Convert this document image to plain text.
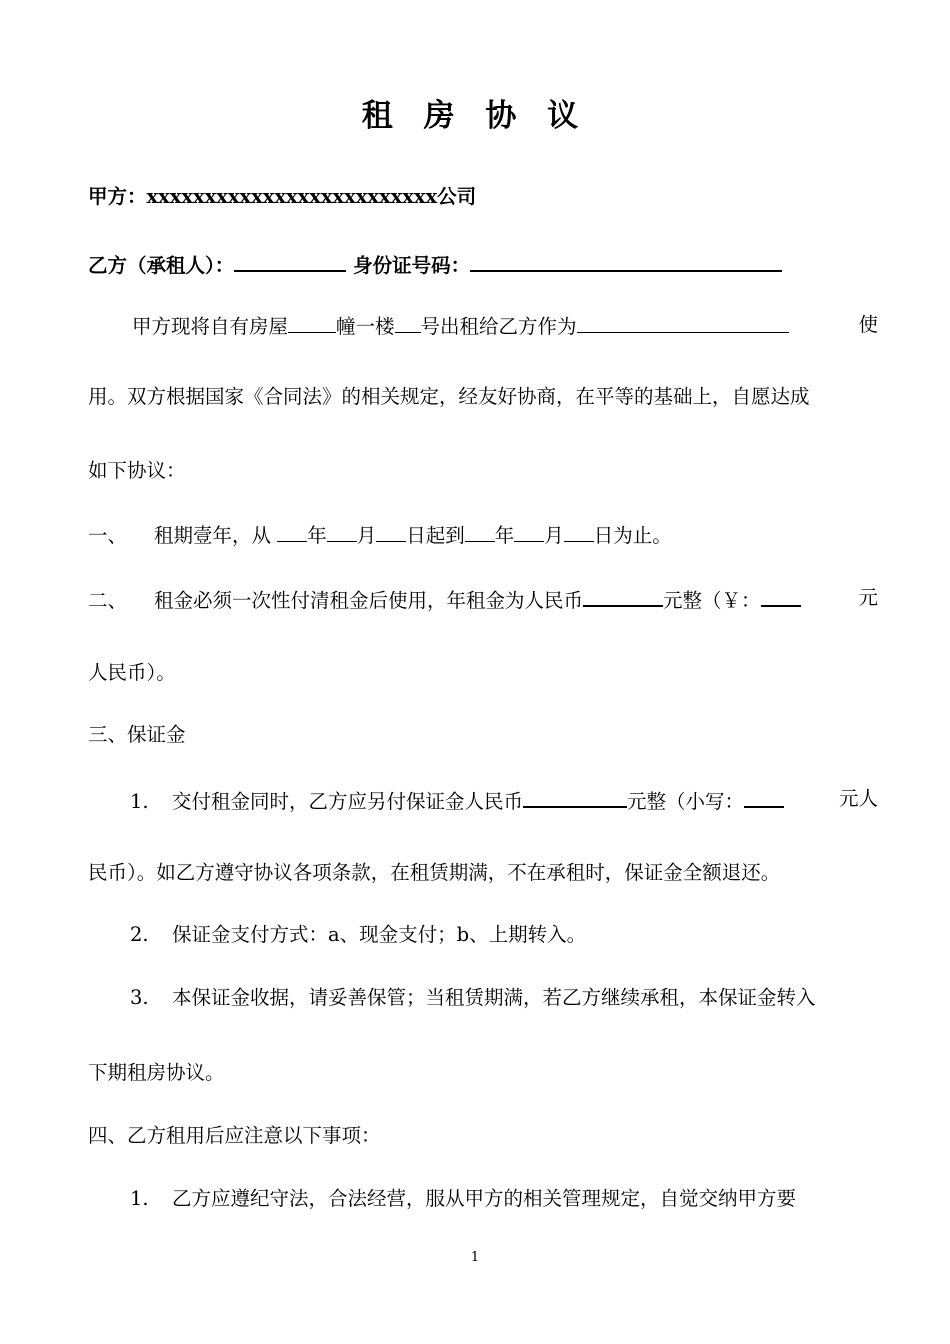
租 房 协 议
甲方：xxxxxxxxxxxxxxxxxxxxxxxxx公司
乙方（承租人）：	身份证号码：
甲方现将自有房屋 幢一楼 号出租给乙方作为	使
用。双方根据国家《合同法》的相关规定，经友好协商，在平等的基础上，自愿达成
如下协议：
一、 租期壹年，从 年 月 日起到 年 月 日为止。
二、 租金必须一次性付清租金后使用，年租金为人民币	元整（￥：	元
人民币）。
三、保证金
1. 交付租金同时，乙方应另付保证金人民币	元整（小写：	元人
民币）。如乙方遵守协议各项条款，在租赁期满，不在承租时，保证金全额退还。
2. 保证金支付方式：a、现金支付；b、上期转入。
3. 本保证金收据，请妥善保管；当租赁期满，若乙方继续承租，本保证金转入
下期租房协议。
四、乙方租用后应注意以下事项：
1. 乙方应遵纪守法，合法经营，服从甲方的相关管理规定，自觉交纳甲方要
1
